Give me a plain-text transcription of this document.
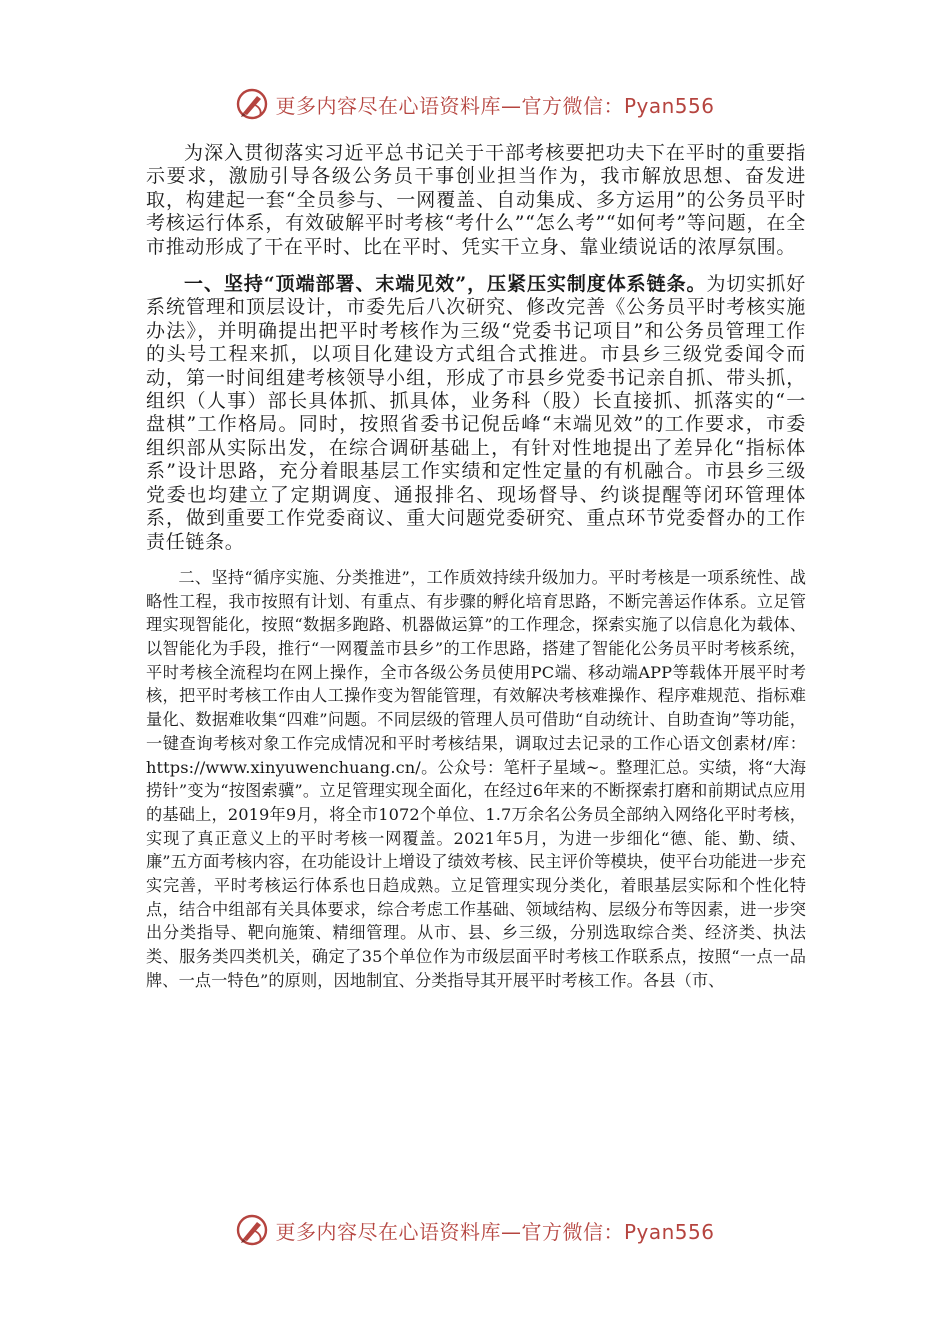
更多内容尽在心语资料库—官方微信：Pyan556

为深入贯彻落实习近平总书记关于干部考核要把功夫下在平时的重要指示要求，激励引导各级公务员干事创业担当作为，我市解放思想、奋发进取，构建起一套“全员参与、一网覆盖、自动集成、多方运用”的公务员平时考核运行体系，有效破解平时考核“考什么”“怎么考”“如何考”等问题，在全市推动形成了干在平时、比在平时、凭实干立身、靠业绩说话的浓厚氛围。

一、坚持“顶端部署、末端见效”，压紧压实制度体系链条。为切实抓好系统管理和顶层设计，市委先后八次研究、修改完善《公务员平时考核实施办法》，并明确提出把平时考核作为三级“党委书记项目”和公务员管理工作的头号工程来抓，以项目化建设方式组合式推进。市县乡三级党委闻令而动，第一时间组建考核领导小组，形成了市县乡党委书记亲自抓、带头抓，组织（人事）部长具体抓、抓具体，业务科（股）长直接抓、抓落实的“一盘棋”工作格局。同时，按照省委书记倪岳峰“末端见效”的工作要求，市委组织部从实际出发，在综合调研基础上，有针对性地提出了差异化“指标体系”设计思路，充分着眼基层工作实绩和定性定量的有机融合。市县乡三级党委也均建立了定期调度、通报排名、现场督导、约谈提醒等闭环管理体系，做到重要工作党委商议、重大问题党委研究、重点环节党委督办的工作责任链条。

二、坚持“循序实施、分类推进”，工作质效持续升级加力。平时考核是一项系统性、战略性工程，我市按照有计划、有重点、有步骤的孵化培育思路，不断完善运作体系。立足管理实现智能化，按照“数据多跑路、机器做运算”的工作理念，探索实施了以信息化为载体、以智能化为手段，推行“一网覆盖市县乡”的工作思路，搭建了智能化公务员平时考核系统，平时考核全流程均在网上操作，全市各级公务员使用PC端、移动端APP等载体开展平时考核，把平时考核工作由人工操作变为智能管理，有效解决考核难操作、程序难规范、指标难量化、数据难收集“四难”问题。不同层级的管理人员可借助“自动统计、自助查询”等功能，一键查询考核对象工作完成情况和平时考核结果，调取过去记录的工作心语文创素材/库：https://www.xinyuwenchuang.cn/。公众号：笔杆子星域~。整理汇总。实绩，将“大海捞针”变为“按图索骥”。立足管理实现全面化，在经过6年来的不断探索打磨和前期试点应用的基础上，2019年9月，将全市1072个单位、1.7万余名公务员全部纳入网络化平时考核，实现了真正意义上的平时考核一网覆盖。2021年5月，为进一步细化“德、能、勤、绩、廉”五方面考核内容，在功能设计上增设了绩效考核、民主评价等模块，使平台功能进一步充实完善，平时考核运行体系也日趋成熟。立足管理实现分类化，着眼基层实际和个性化特点，结合中组部有关具体要求，综合考虑工作基础、领域结构、层级分布等因素，进一步突出分类指导、靶向施策、精细管理。从市、县、乡三级，分别选取综合类、经济类、执法类、服务类四类机关，确定了35个单位作为市级层面平时考核工作联系点，按照“一点一品牌、一点一特色”的原则，因地制宜、分类指导其开展平时考核工作。各县（市、

更多内容尽在心语资料库—官方微信：Pyan556
